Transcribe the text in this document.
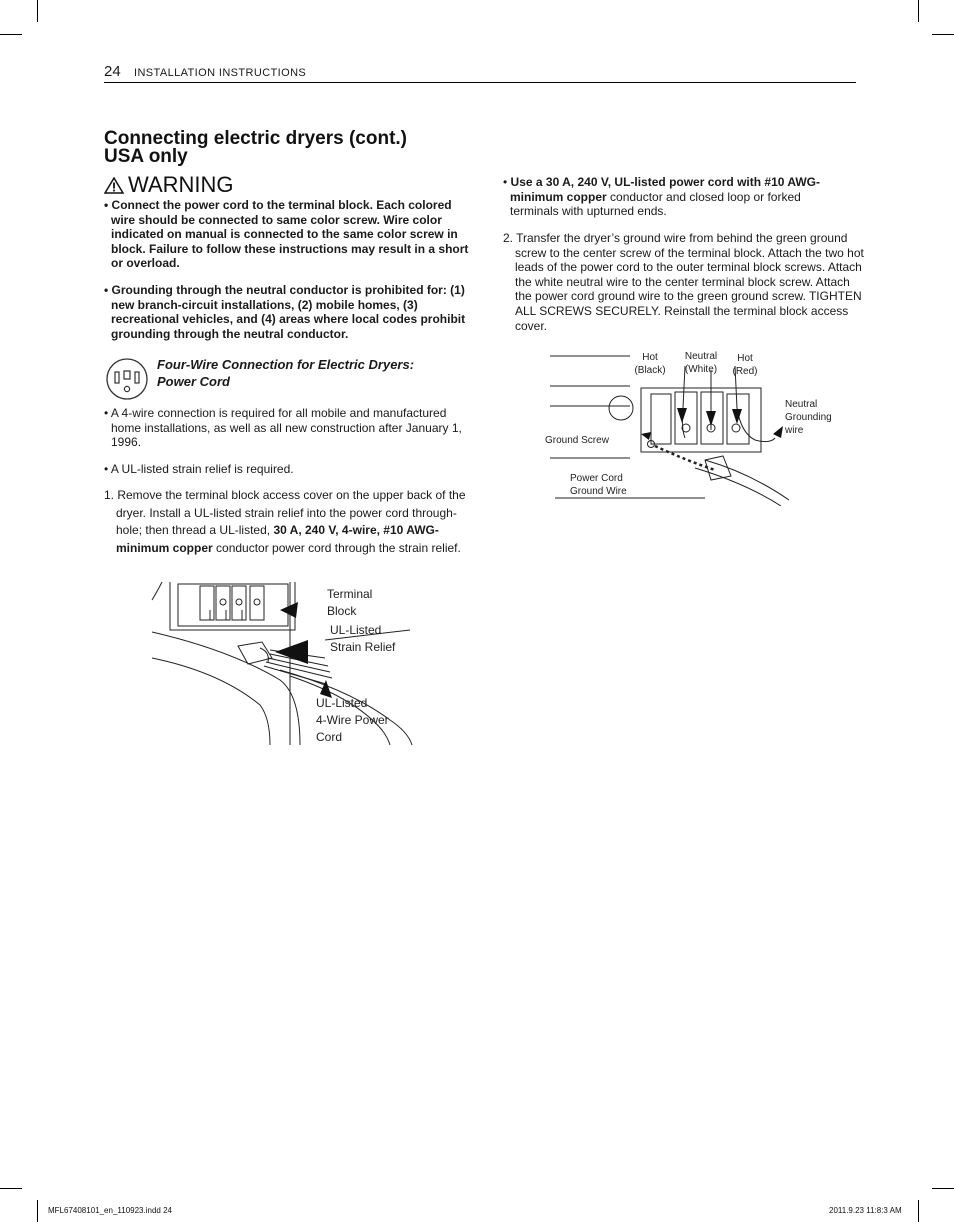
24 INSTALLATION INSTRUCTIONS
Connecting electric dryers (cont.)
USA only
WARNING
• Connect the power cord to the terminal block. Each colored wire should be connected to same color screw. Wire color indicated on manual is connected to the same color screw in block. Failure to follow these instructions may result in a short or overload.
• Grounding through the neutral conductor is prohibited for: (1) new branch-circuit installations, (2) mobile homes, (3) recreational vehicles, and (4) areas where local codes prohibit grounding through the neutral conductor.
Four-Wire Connection for Electric Dryers:
Power Cord
• A 4-wire connection is required for all mobile and manufactured home installations, as well as all new construction after January 1, 1996.
• A UL-listed strain relief is required.
1. Remove the terminal block access cover on the upper back of the dryer. Install a UL-listed strain relief into the power cord through-hole; then thread a UL-listed, 30 A, 240 V, 4-wire, #10 AWG-minimum copper conductor power cord through the strain relief.
Terminal
Block
UL-Listed
Strain Relief
UL-Listed
4-Wire Power
Cord
• Use a 30 A, 240 V, UL-listed power cord with #10 AWG-minimum copper conductor and closed loop or forked terminals with upturned ends.
2. Transfer the dryer’s ground wire from behind the green ground screw to the center screw of the terminal block. Attach the two hot leads of the power cord to the outer terminal block screws. Attach the white neutral wire to the center terminal block screw. Attach the power cord ground wire to the green ground screw. TIGHTEN ALL SCREWS SECURELY. Reinstall the terminal block access cover.
Hot
(Black)
Neutral
(White)
Hot
(Red)
Neutral
Grounding
wire
Ground Screw
Power Cord
Ground Wire
MFL67408101_en_110923.indd 24	2011.9.23 11:8:3 AM
